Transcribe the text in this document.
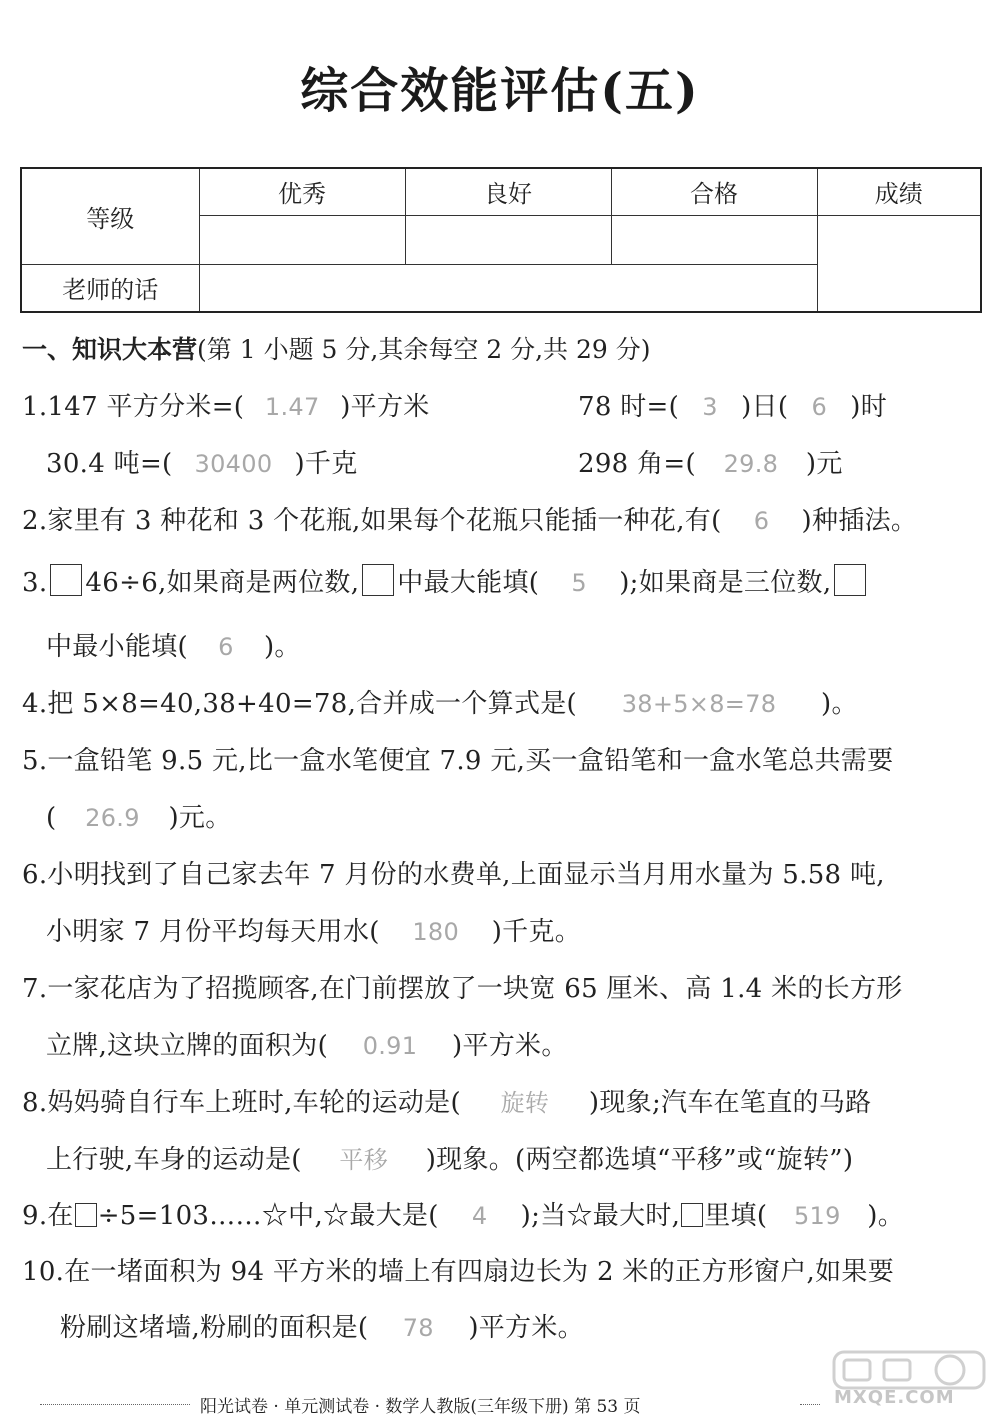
综合效能评估(五)
等级	优秀	良好	合格	成绩

老师的话				
一、知识大本营(第 1 小题 5 分,其余每空 2 分,共 29 分)
1.147 平方分米=( 1.47 )平方米	78 时=( 3 )日( 6 )时
30.4 吨=( 30400 )千克	298 角=( 29.8 )元
2.家里有 3 种花和 3 个花瓶,如果每个花瓶只能插一种花,有( 6 )种插法。
3. 46÷6,如果商是两位数, 中最大能填( 5 );如果商是三位数,
中最小能填( 6 )。
4.把 5×8=40,38+40=78,合并成一个算式是( 38+5×8=78 )。
5.一盒铅笔 9.5 元,比一盒水笔便宜 7.9 元,买一盒铅笔和一盒水笔总共需要
( 26.9 )元。
6.小明找到了自己家去年 7 月份的水费单,上面显示当月用水量为 5.58 吨,
小明家 7 月份平均每天用水( 180 )千克。
7.一家花店为了招揽顾客,在门前摆放了一块宽 65 厘米、高 1.4 米的长方形
立牌,这块立牌的面积为( 0.91 )平方米。
8.妈妈骑自行车上班时,车轮的运动是( 旋转 )现象;汽车在笔直的马路
上行驶,车身的运动是( 平移 )现象。(两空都选填“平移”或“旋转”)
9.在 ÷5=103……☆中,☆最大是( 4 );当☆最大时, 里填( 519 )。
10.在一堵面积为 94 平方米的墙上有四扇边长为 2 米的正方形窗户,如果要
粉刷这堵墙,粉刷的面积是( 78 )平方米。
阳光试卷 · 单元测试卷 · 数学人教版(三年级下册) 第 53 页	MXQE.COM
